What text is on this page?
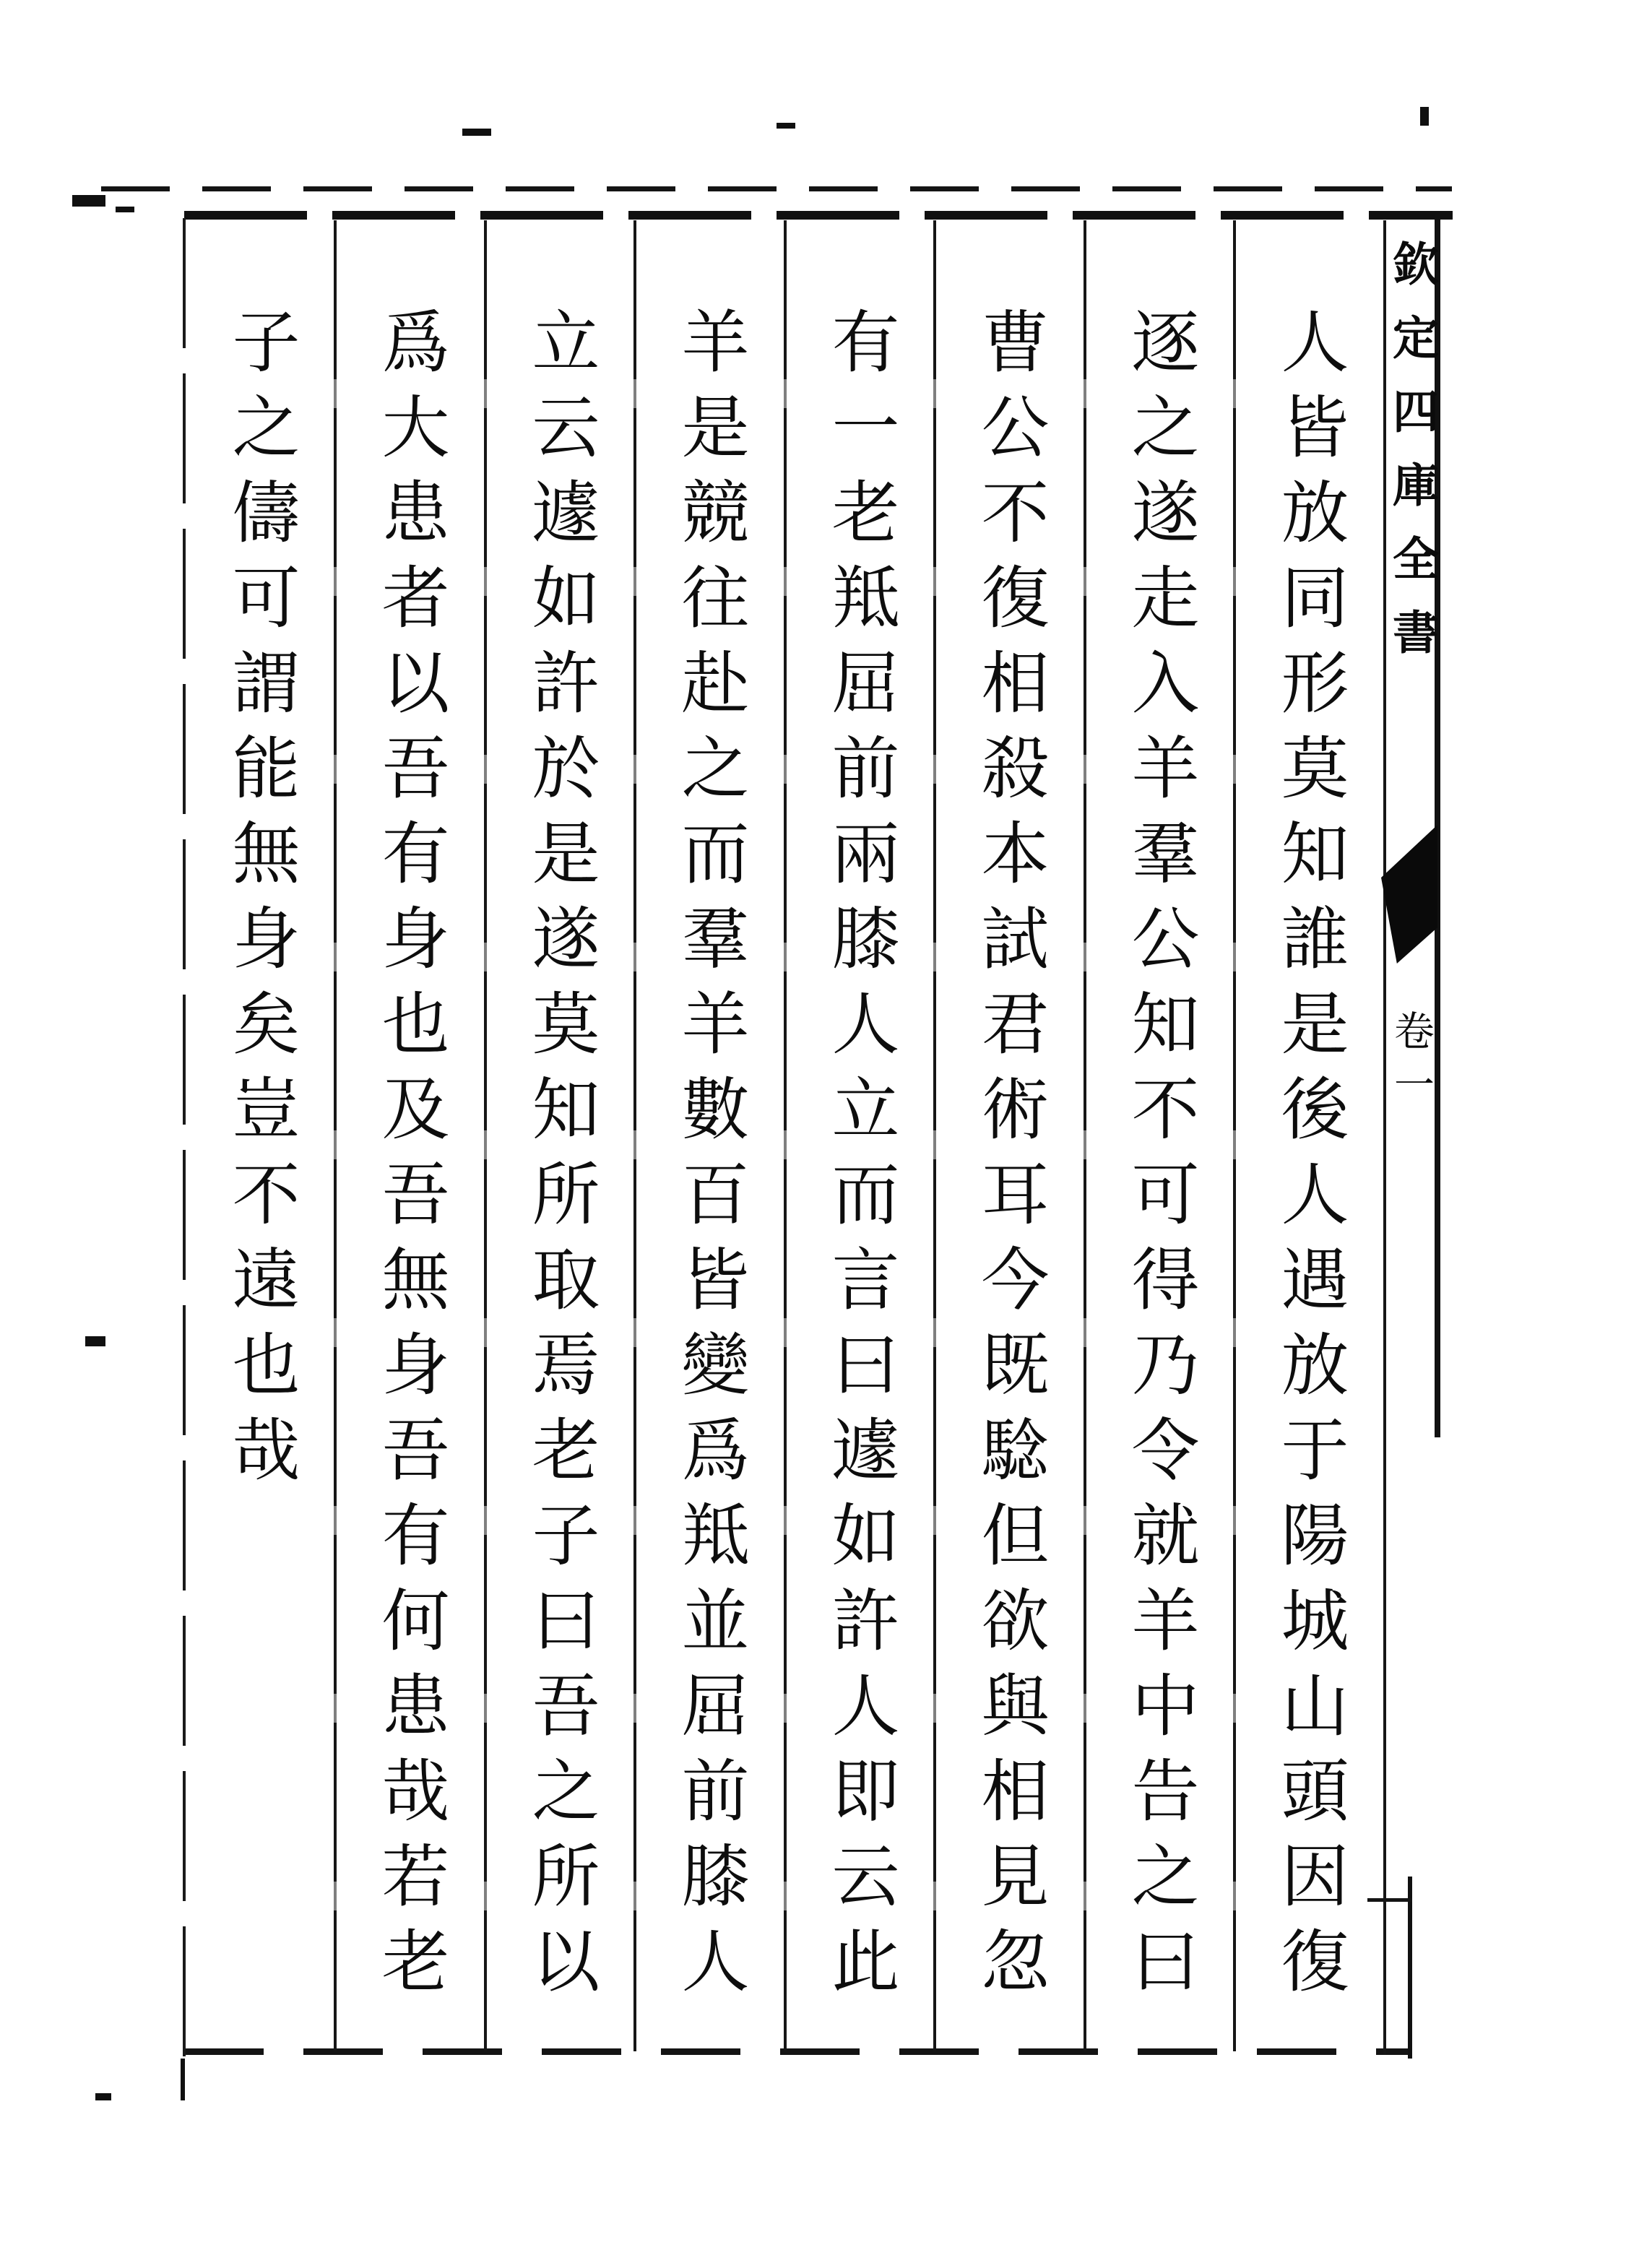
欽定四庫全書
卷一
人皆放同形莫知誰是後人遇放于陽城山頭因復
逐之遂走入羊羣公知不可得乃令就羊中告之曰
曹公不復相殺本試君術耳今既騐但欲與相見忽
有一老羝屈前兩膝人立而言曰遽如許人即云此
羊是競往赴之而羣羊數百皆變爲羝並屈前膝人
立云遽如許於是遂莫知所取焉老子曰吾之所以
爲大患者以吾有身也及吾無身吾有何患哉若老
子之儔可謂能無身矣豈不遠也哉
